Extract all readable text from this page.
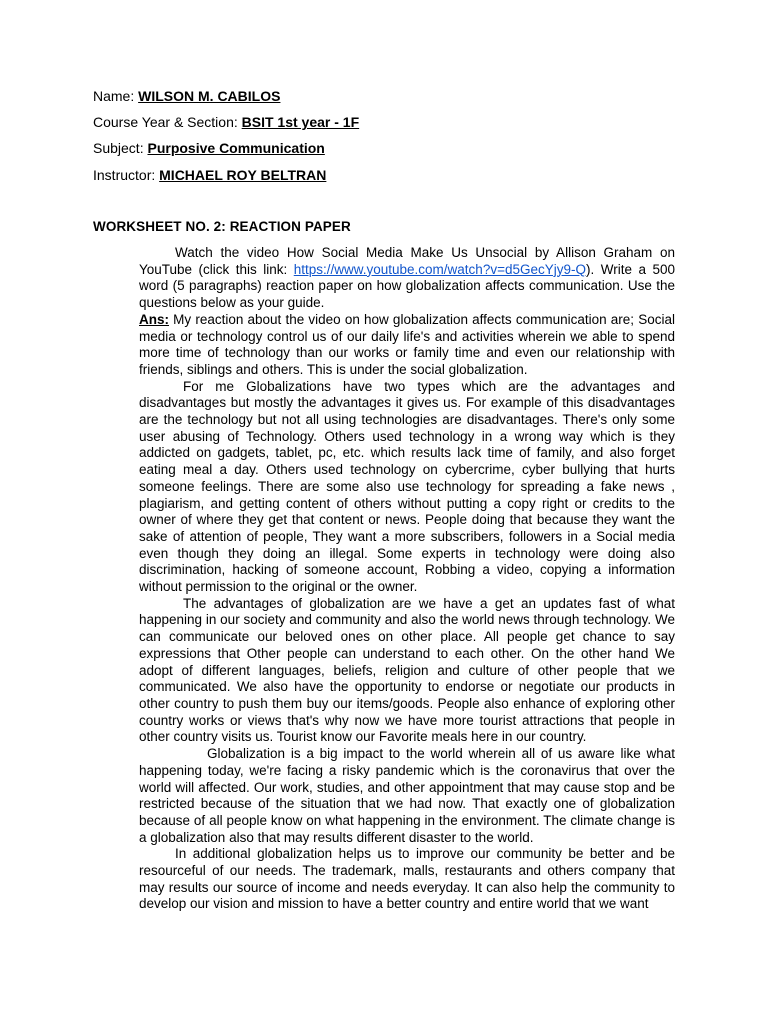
Name: WILSON M. CABILOS
Course Year & Section: BSIT 1st year - 1F
Subject: Purposive Communication
Instructor: MICHAEL ROY BELTRAN
WORKSHEET NO. 2: REACTION PAPER

Watch the video How Social Media Make Us Unsocial by Allison Graham on YouTube (click this link: https://www.youtube.com/watch?v=d5GecYjy9-Q). Write a 500 word (5 paragraphs) reaction paper on how globalization affects communication. Use the questions below as your guide.

Ans: My reaction about the video on how globalization affects communication are; Social media or technology control us of our daily life's and activities wherein we able to spend more time of technology than our works or family time and even our relationship with friends, siblings and others. This is under the social globalization.

For me Globalizations have two types which are the advantages and disadvantages but mostly the advantages it gives us. For example of this disadvantages are the technology but not all using technologies are disadvantages. There's only some user abusing of Technology. Others used technology in a wrong way which is they addicted on gadgets, tablet, pc, etc. which results lack time of family, and also forget eating meal a day. Others used technology on cybercrime, cyber bullying that hurts someone feelings. There are some also use technology for spreading a fake news , plagiarism, and getting content of others without putting a copy right or credits to the owner of where they get that content or news. People doing that because they want the sake of attention of people, They want a more subscribers, followers in a Social media even though they doing an illegal. Some experts in technology were doing also discrimination, hacking of someone account, Robbing a video, copying a information without permission to the original or the owner.

The advantages of globalization are we have a get an updates fast of what happening in our society and community and also the world news through technology. We can communicate our beloved ones on other place. All people get chance to say expressions that Other people can understand to each other. On the other hand We adopt of different languages, beliefs, religion and culture of other people that we communicated. We also have the opportunity to endorse or negotiate our products in other country to push them buy our items/goods. People also enhance of exploring other country works or views that's why now we have more tourist attractions that people in other country visits us. Tourist know our Favorite meals here in our country.

Globalization is a big impact to the world wherein all of us aware like what happening today, we're facing a risky pandemic which is the coronavirus that over the world will affected. Our work, studies, and other appointment that may cause stop and be restricted because of the situation that we had now. That exactly one of globalization because of all people know on what happening in the environment. The climate change is a globalization also that may results different disaster to the world.

In additional globalization helps us to improve our community be better and be resourceful of our needs. The trademark, malls, restaurants and others company that may results our source of income and needs everyday. It can also help the community to develop our vision and mission to have a better country and entire world that we want
